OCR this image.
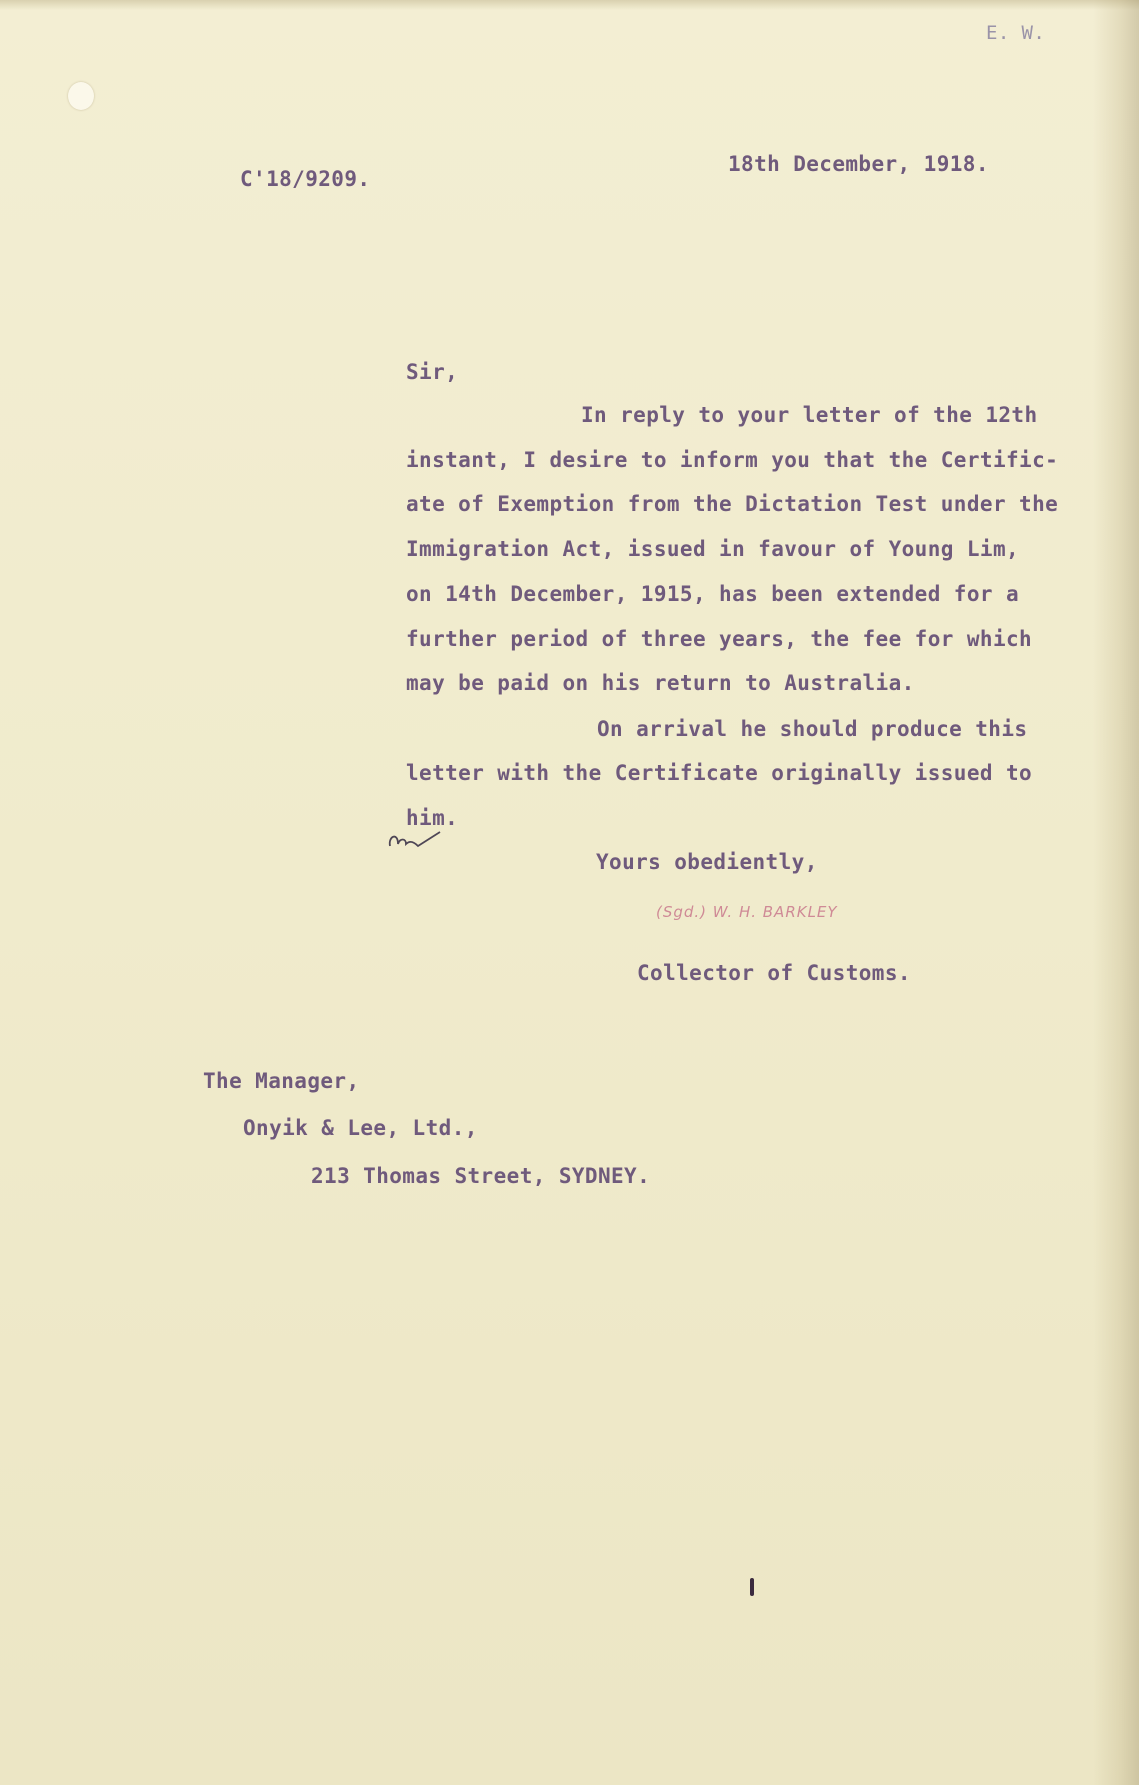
E. W.
C'18/9209.
18th December, 1918.
Sir,
In reply to your letter of the 12th
instant, I desire to inform you that the Certific-
ate of Exemption from the Dictation Test under the
Immigration Act, issued in favour of Young Lim,
on 14th December, 1915, has been extended for a
further period of three years, the fee for which
may be paid on his return to Australia.
On arrival he should produce this
letter with the Certificate originally issued to
him.
Yours obediently,
(Sgd.) W. H. BARKLEY
Collector of Customs.
The Manager,
Onyik & Lee, Ltd.,
213 Thomas Street, SYDNEY.
